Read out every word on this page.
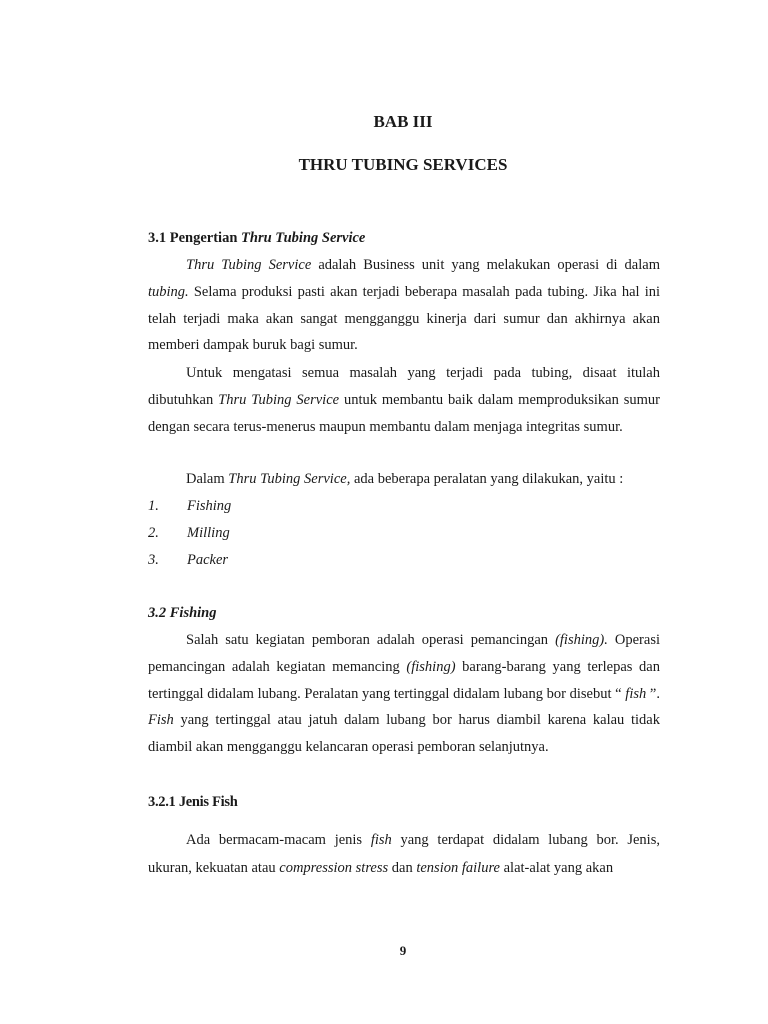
BAB III
THRU TUBING SERVICES
3.1 Pengertian Thru Tubing Service
Thru Tubing Service adalah Business unit yang melakukan operasi di dalam tubing. Selama produksi pasti akan terjadi beberapa masalah pada tubing. Jika hal ini telah terjadi maka akan sangat mengganggu kinerja dari sumur dan akhirnya akan memberi dampak buruk bagi sumur.
Untuk mengatasi semua masalah yang terjadi pada tubing, disaat itulah dibutuhkan Thru Tubing Service untuk membantu baik dalam memproduksikan sumur dengan secara terus-menerus maupun membantu dalam menjaga integritas sumur.
Dalam Thru Tubing Service, ada beberapa peralatan yang dilakukan, yaitu :
1.	Fishing
2.	Milling
3.	Packer
3.2 Fishing
Salah satu kegiatan pemboran adalah operasi pemancingan (fishing). Operasi pemancingan adalah kegiatan memancing (fishing) barang-barang yang terlepas dan tertinggal didalam lubang. Peralatan yang tertinggal didalam lubang bor disebut “ fish ”. Fish yang tertinggal atau jatuh dalam lubang bor harus diambil karena kalau tidak diambil akan mengganggu kelancaran operasi pemboran selanjutnya.
3.2.1 Jenis Fish
Ada bermacam-macam jenis fish yang terdapat didalam lubang bor. Jenis, ukuran, kekuatan atau compression stress dan tension failure alat-alat yang akan
9
